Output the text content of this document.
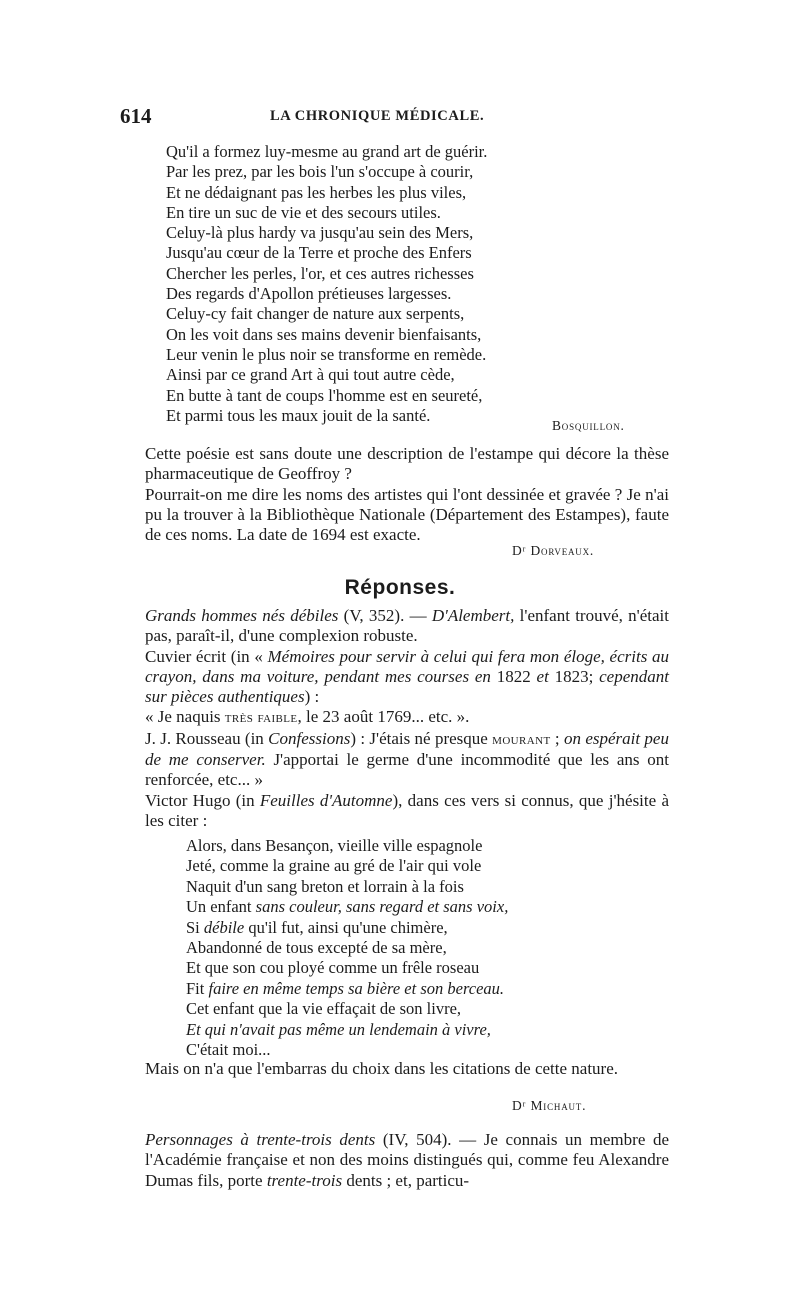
614	LA CHRONIQUE MÉDICALE.
Qu'il a formez luy-mesme au grand art de guérir.
Par les prez, par les bois l'un s'occupe à courir,
Et ne dédaignant pas les herbes les plus viles,
En tire un suc de vie et des secours utiles.
Celuy-là plus hardy va jusqu'au sein des Mers,
Jusqu'au cœur de la Terre et proche des Enfers
Chercher les perles, l'or, et ces autres richesses
Des regards d'Apollon prétieuses largesses.
Celuy-cy fait changer de nature aux serpents,
On les voit dans ses mains devenir bienfaisants,
Leur venin le plus noir se transforme en remède.
Ainsi par ce grand Art à qui tout autre cède,
En butte à tant de coups l'homme est en seureté,
Et parmi tous les maux jouit de la santé.
Bosquillon.

Cette poésie est sans doute une description de l'estampe qui décore la thèse pharmaceutique de Geoffroy ?

Pourrait-on me dire les noms des artistes qui l'ont dessinée et gravée ? Je n'ai pu la trouver à la Bibliothèque Nationale (Département des Estampes), faute de ces noms. La date de 1694 est exacte.

Dʳ Dorveaux.
Réponses.

Grands hommes nés débiles (V, 352). — D'Alembert, l'enfant trouvé, n'était pas, paraît-il, d'une complexion robuste.

Cuvier écrit (in « Mémoires pour servir à celui qui fera mon éloge, écrits au crayon, dans ma voiture, pendant mes courses en 1822 et 1823; cependant sur pièces authentiques) :

« Je naquis très faible, le 23 août 1769... etc. ».

J. J. Rousseau (in Confessions) : J'étais né presque mourant ; on espérait peu de me conserver. J'apportai le germe d'une incommodité que les ans ont renforcée, etc... »

Victor Hugo (in Feuilles d'Automne), dans ces vers si connus, que j'hésite à les citer :

Alors, dans Besançon, vieille ville espagnole
Jeté, comme la graine au gré de l'air qui vole
Naquit d'un sang breton et lorrain à la fois
Un enfant sans couleur, sans regard et sans voix,
Si débile qu'il fut, ainsi qu'une chimère,
Abandonné de tous excepté de sa mère,
Et que son cou ployé comme un frêle roseau
Fit faire en même temps sa bière et son berceau.
Cet enfant que la vie effaçait de son livre,
Et qui n'avait pas même un lendemain à vivre,
C'était moi...

Mais on n'a que l'embarras du choix dans les citations de cette nature.

Dʳ Michaut.

Personnages à trente-trois dents (IV, 504). — Je connais un membre de l'Académie française et non des moins distingués qui, comme feu Alexandre Dumas fils, porte trente-trois dents ; et, particu-
